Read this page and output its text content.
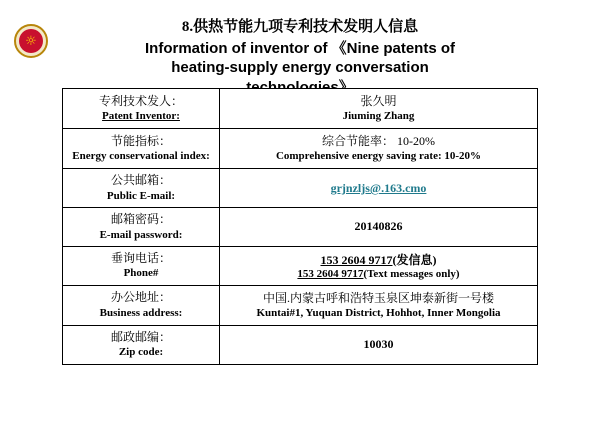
☼
8.供热节能九项专利技术发明人信息
Information of inventor of 《Nine patents of
heating-supply energy conversation
专利技术发人：
Patent Inventor:	张久明
Jiuming Zhang

节能指标：
Energy conservational index:	综合节能率： 10-20%
Comprehensive energy saving rate: 10-20%

公共邮箱：
Public E-mail:	grjnzljs@.163.cmo

邮箱密码：
E-mail password:	20140826

垂询电话：
Phone#	153 2604 9717(发信息)
153 2604 9717(Text messages only)

办公地址：
Business address:	中国.内蒙古呼和浩特玉泉区坤泰新街一号楼
Kuntai#1, Yuquan District, Hohhot, Inner Mongolia

邮政邮编：
Zip code:	10030
